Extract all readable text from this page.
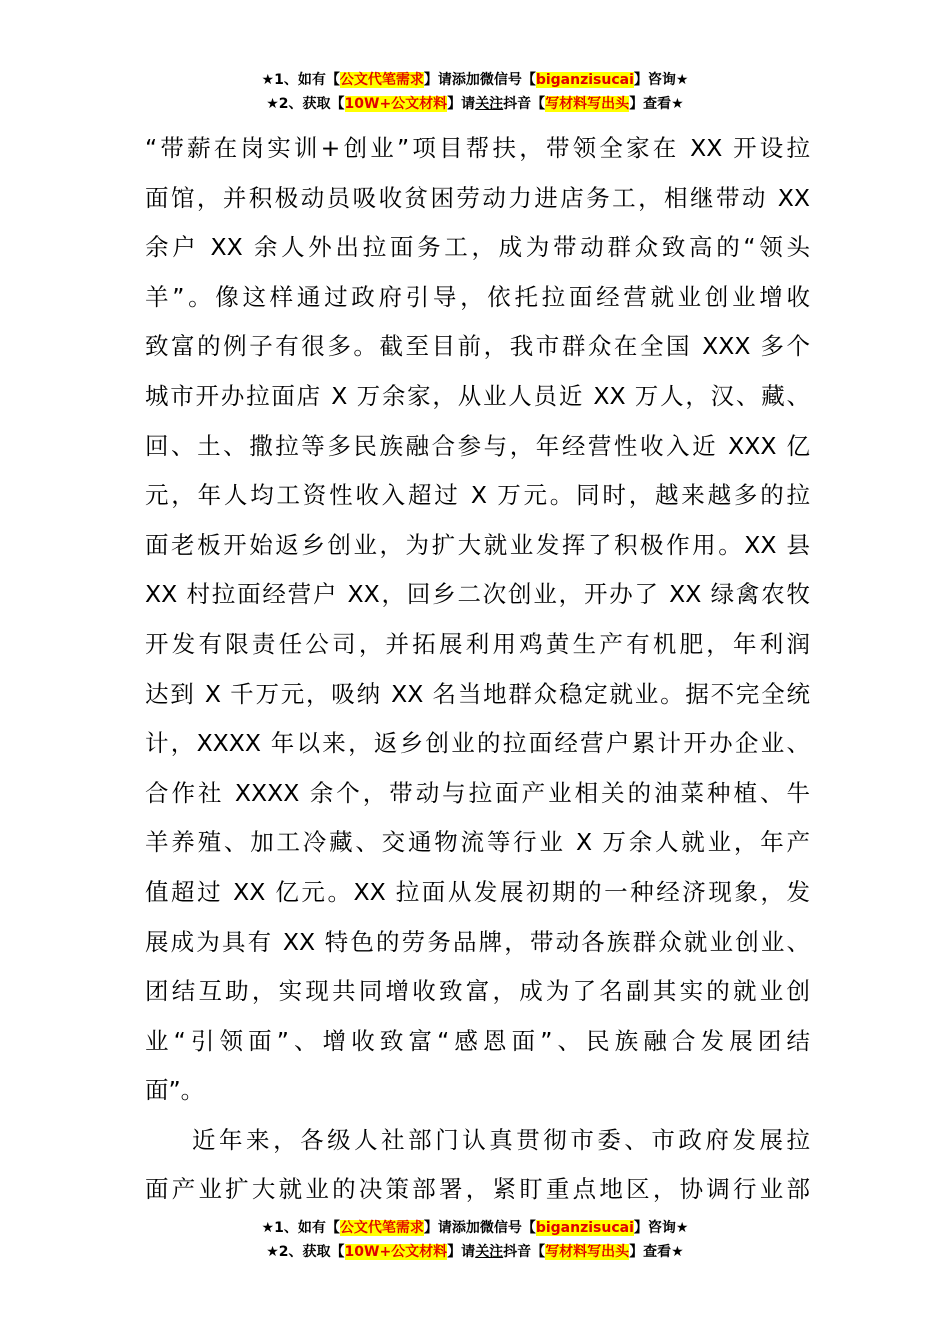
★1、如有【公文代笔需求】请添加微信号【biganzisucai】咨询★
★2、获取【10W+公文材料】请关注抖音【写材料写出头】查看★

“带薪在岗实训+创业”项目帮扶，带领全家在 XX 开设拉
面馆，并积极动员吸收贫困劳动力进店务工，相继带动 XX
余户 XX 余人外出拉面务工，成为带动群众致高的“领头
羊”。像这样通过政府引导，依托拉面经营就业创业增收
致富的例子有很多。截至目前，我市群众在全国 XXX 多个
城市开办拉面店 X 万余家，从业人员近 XX 万人，汉、藏、
回、土、撒拉等多民族融合参与，年经营性收入近 XXX 亿
元，年人均工资性收入超过 X 万元。同时，越来越多的拉
面老板开始返乡创业，为扩大就业发挥了积极作用。XX 县
XX 村拉面经营户 XX，回乡二次创业，开办了 XX 绿禽农牧
开发有限责任公司，并拓展利用鸡黄生产有机肥，年利润
达到 X 千万元，吸纳 XX 名当地群众稳定就业。据不完全统
计，XXXX 年以来，返乡创业的拉面经营户累计开办企业、
合作社 XXXX 余个，带动与拉面产业相关的油菜种植、牛
羊养殖、加工冷藏、交通物流等行业 X 万余人就业，年产
值超过 XX 亿元。XX 拉面从发展初期的一种经济现象，发
展成为具有 XX 特色的劳务品牌，带动各族群众就业创业、
团结互助，实现共同增收致富，成为了名副其实的就业创
业“引领面”、增收致富“感恩面”、民族融合发展团结
面”。

近年来，各级人社部门认真贯彻市委、市政府发展拉
面产业扩大就业的决策部署，紧盯重点地区，协调行业部

★1、如有【公文代笔需求】请添加微信号【biganzisucai】咨询★
★2、获取【10W+公文材料】请关注抖音【写材料写出头】查看★
